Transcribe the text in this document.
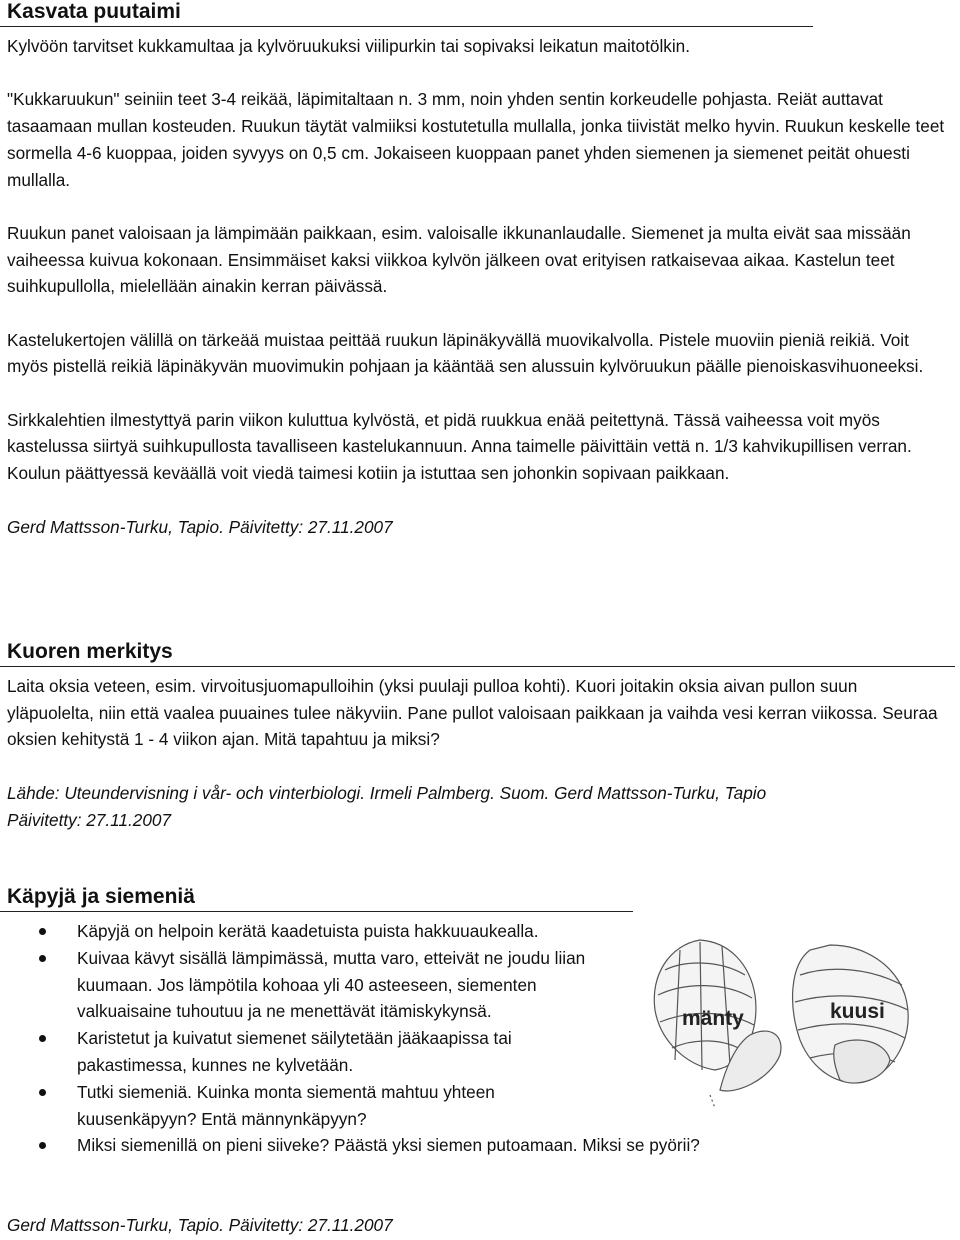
Kasvata puutaimi

Kylvöön tarvitset kukkamultaa ja kylvöruukuksi viilipurkin tai sopivaksi leikatun maitotölkin.

"Kukkaruukun" seiniin teet 3-4 reikää, läpimitaltaan n. 3 mm, noin yhden sentin korkeudelle pohjasta. Reiät auttavat tasaamaan mullan kosteuden. Ruukun täytät valmiiksi kostutetulla mullalla, jonka tiivistät melko hyvin. Ruukun keskelle teet sormella 4-6 kuoppaa, joiden syvyys on 0,5 cm. Jokaiseen kuoppaan panet yhden siemenen ja siemenet peität ohuesti mullalla.

Ruukun panet valoisaan ja lämpimään paikkaan, esim. valoisalle ikkunanlaudalle. Siemenet ja multa eivät saa missään vaiheessa kuivua kokonaan. Ensimmäiset kaksi viikkoa kylvön jälkeen ovat erityisen ratkaisevaa aikaa. Kastelun teet suihkupullolla, mielellään ainakin kerran päivässä.

Kastelukertojen välillä on tärkeää muistaa peittää ruukun läpinäkyvällä muovikalvolla. Pistele muoviin pieniä reikiä. Voit myös pistellä reikiä läpinäkyvän muovimukin pohjaan ja kääntää sen alussuin kylvöruukun päälle pienoiskasvihuoneeksi.

Sirkkalehtien ilmestyttyä parin viikon kuluttua kylvöstä, et pidä ruukkua enää peitettynä. Tässä vaiheessa voit myös kastelussa siirtyä suihkupullosta tavalliseen kastelukannuun. Anna taimelle päivittäin vettä n. 1/3 kahvikupillisen verran. Koulun päättyessä keväällä voit viedä taimesi kotiin ja istuttaa sen johonkin sopivaan paikkaan.

Gerd Mattsson-Turku, Tapio. Päivitetty: 27.11.2007

Kuoren merkitys

Laita oksia veteen, esim. virvoitusjuomapulloihin (yksi puulaji pulloa kohti). Kuori joitakin oksia aivan pullon suun yläpuolelta, niin että vaalea puuaines tulee näkyviin. Pane pullot valoisaan paikkaan ja vaihda vesi kerran viikossa. Seuraa oksien kehitystä 1 - 4 viikon ajan. Mitä tapahtuu ja miksi?

Lähde: Uteundervisning i vår- och vinterbiologi. Irmeli Palmberg. Suom. Gerd Mattsson-Turku, Tapio

Päivitetty: 27.11.2007

Käpyjä ja siemeniä
Käpyjä on helpoin kerätä kaadetuista puista hakkuuaukealla.
Kuivaa kävyt sisällä lämpimässä, mutta varo, etteivät ne joudu liian kuumaan. Jos lämpötila kohoaa yli 40 asteeseen, siementen valkuaisaine tuhoutuu ja ne menettävät itämiskykynsä.
Karistetut ja kuivatut siemenet säilytetään jääkaapissa tai pakastimessa, kunnes ne kylvetään.
Tutki siemeniä. Kuinka monta siementä mahtuu yhteen kuusenkäpyyn? Entä männynkäpyyn?
Miksi siemenillä on pieni siiveke? Päästä yksi siemen putoamaan. Miksi se pyörii?
mänty	kuusi

Gerd Mattsson-Turku, Tapio. Päivitetty: 27.11.2007
